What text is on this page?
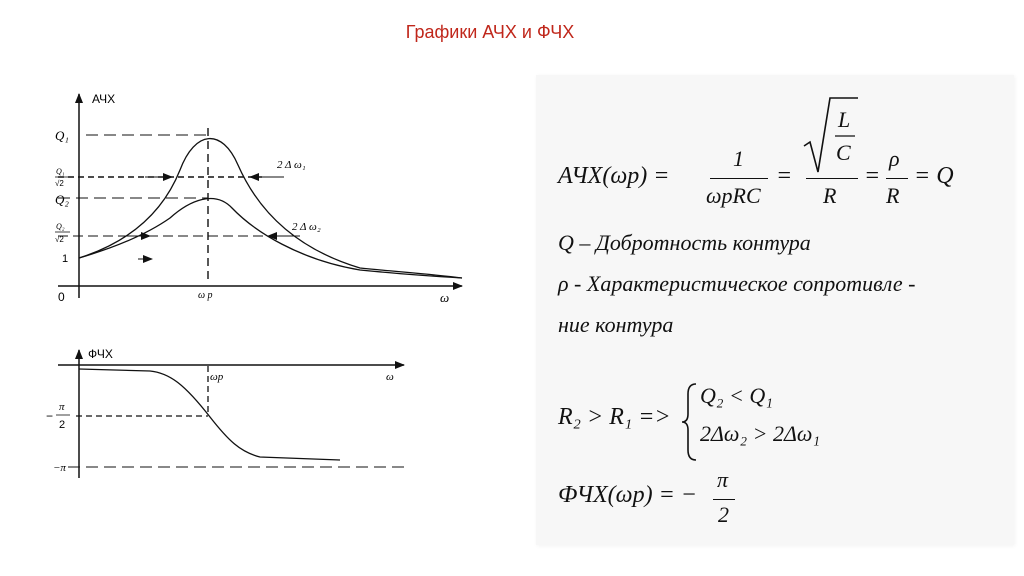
Графики АЧХ и ФЧХ
АЧХ
0	ω
Q₁
Q₁
√2
Q₂
Q₂
√2
1
2 Δ ω₁
2 Δ ω₂
ω р
ФЧХ
ω
ωр
−
π
2
−π
АЧХ(ωр) =
1
ωрRC
=
L
C
R
=
ρ
R
= Q
Q – Добротность контура
ρ - Характеристическое сопротивле -
ние контура
R₂ > R₁ =>
Q₂ < Q₁
2Δω₂ > 2Δω₁
ФЧХ(ωр) = −
π
2
